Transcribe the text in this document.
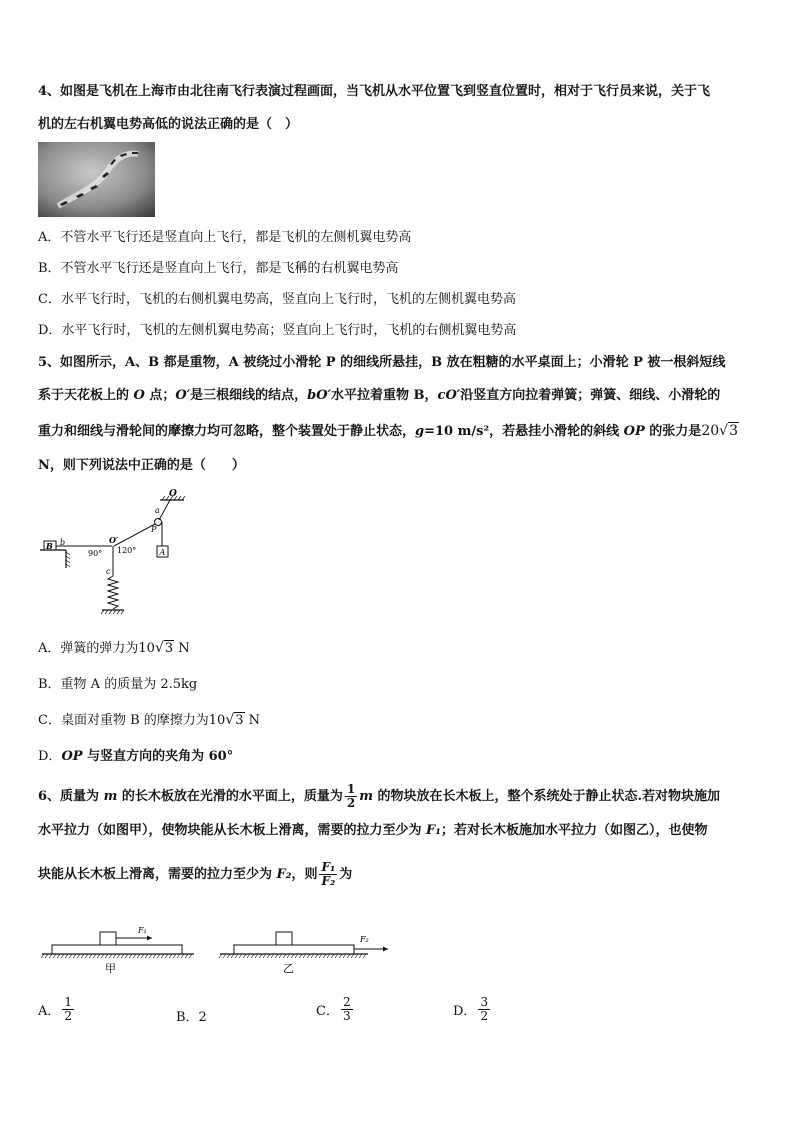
4、如图是飞机在上海市由北往南飞行表演过程画面，当飞机从水平位置飞到竖直位置时，相对于飞行员来说，关于飞
机的左右机翼电势高低的说法正确的是（　）
A．不管水平飞行还是竖直向上飞行，都是飞机的左侧机翼电势高
B．不管水平飞行还是竖直向上飞行，都是飞稱的右机翼电势高
C．水平飞行时，飞机的右侧机翼电势高，竖直向上飞行时，飞机的左侧机翼电势高
D．水平飞行时，飞机的左侧机翼电势高；竖直向上飞行时，飞机的右侧机翼电势高
5、如图所示，A、B 都是重物，A 被绕过小滑轮 P 的细线所悬挂，B 放在粗糖的水平桌面上；小滑轮 P 被一根斜短线
系于天花板上的 O 点；O′是三根细线的结点，bO′水平拉着重物 B，cO′沿竖直方向拉着弹簧；弹簧、细线、小滑轮的
重力和细线与滑轮间的摩擦力均可忽略，整个装置处于静止状态，g=10 m/s²，若悬挂小滑轮的斜线 OP 的张力是20√3
N，则下列说法中正确的是（　　）
O
a
P
A
B b	O′
90° 120°
c
A．弹簧的弹力为10√3 N
B．重物 A 的质量为 2.5kg
C．桌面对重物 B 的摩擦力为10√3 N
D．OP 与竖直方向的夹角为 60°
6、质量为 m 的长木板放在光滑的水平面上，质量为 $\frac{1}{2}$ m 的物块放在长木板上，整个系统处于静止状态.若对物块施加
水平拉力（如图甲），使物块能从长木板上滑离，需要的拉力至少为 F₁；若对长木板施加水平拉力（如图乙），也使物
块能从长木板上滑离，需要的拉力至少为 F₂，则 $\frac{\text{F₁}}{\text{F₂}}$ 为
F₁
甲
F₂
乙
A． $\frac{1}{2}$	B．2	C． $\frac{2}{3}$	D． $\frac{3}{2}$
